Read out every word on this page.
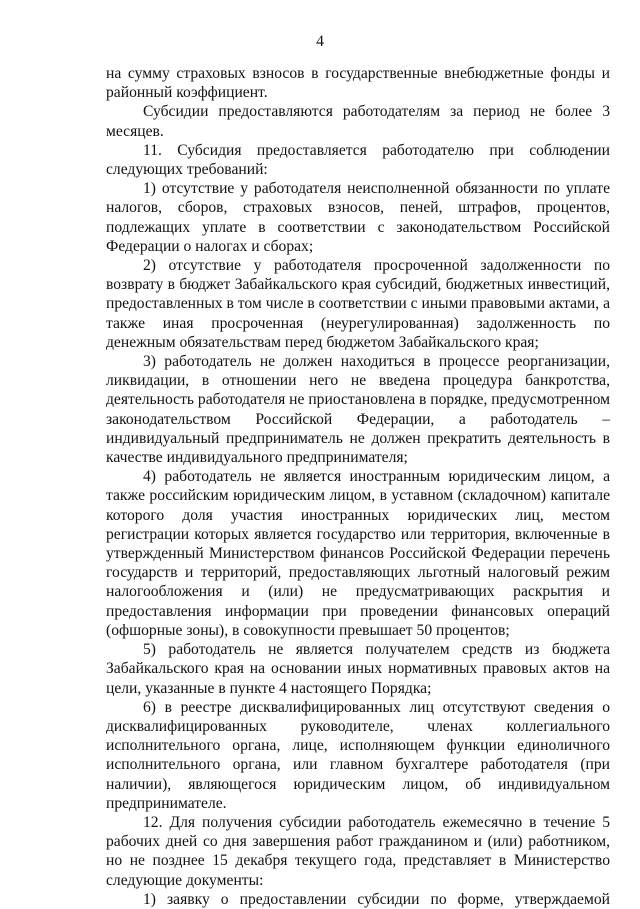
4

на сумму страховых взносов в государственные внебюджетные фонды и районный коэффициент.

Субсидии предоставляются работодателям за период не более 3 месяцев.

11. Субсидия предоставляется работодателю при соблюдении следующих требований:

1) отсутствие у работодателя неисполненной обязанности по уплате налогов, сборов, страховых взносов, пеней, штрафов, процентов, подлежащих уплате в соответствии с законодательством Российской Федерации о налогах и сборах;

2) отсутствие у работодателя просроченной задолженности по возврату в бюджет Забайкальского края субсидий, бюджетных инвестиций, предоставленных в том числе в соответствии с иными правовыми актами, а также иная просроченная (неурегулированная) задолженность по денежным обязательствам перед бюджетом Забайкальского края;

3) работодатель не должен находиться в процессе реорганизации, ликвидации, в отношении него не введена процедура банкротства, деятельность работодателя не приостановлена в порядке, предусмотренном законодательством Российской Федерации, а работодатель – индивидуальный предприниматель не должен прекратить деятельность в качестве индивидуального предпринимателя;

4) работодатель не является иностранным юридическим лицом, а также российским юридическим лицом, в уставном (складочном) капитале которого доля участия иностранных юридических лиц, местом регистрации которых является государство или территория, включенные в утвержденный Министерством финансов Российской Федерации перечень государств и территорий, предоставляющих льготный налоговый режим налогообложения и (или) не предусматривающих раскрытия и предоставления информации при проведении финансовых операций (офшорные зоны), в совокупности превышает 50 процентов;

5) работодатель не является получателем средств из бюджета Забайкальского края на основании иных нормативных правовых актов на цели, указанные в пункте 4 настоящего Порядка;

6) в реестре дисквалифицированных лиц отсутствуют сведения о дисквалифицированных руководителе, членах коллегиального исполнительного органа, лице, исполняющем функции единоличного исполнительного органа, или главном бухгалтере работодателя (при наличии), являющегося юридическим лицом, об индивидуальном предпринимателе.

12. Для получения субсидии работодатель ежемесячно в течение 5 рабочих дней со дня завершения работ гражданином и (или) работником, но не позднее 15 декабря текущего года, представляет в Министерство следующие документы:

1) заявку о предоставлении субсидии по форме, утверждаемой
